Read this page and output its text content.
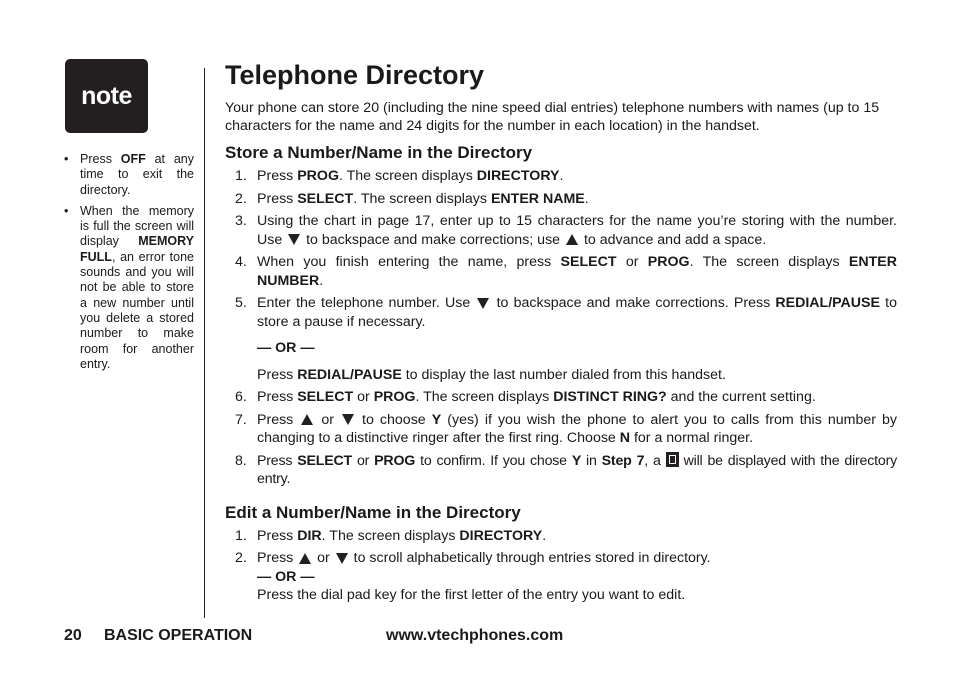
note
• Press OFF at any time to exit the directory.
• When the memory is full the screen will display MEMORY FULL, an error tone sounds and you will not be able to store a new number until you delete a stored number to make room for another entry.
Telephone Directory

Your phone can store 20 (including the nine speed dial entries) telephone numbers with names (up to 15 characters for the name and 24 digits for the number in each location) in the handset.

Store a Number/Name in the Directory
1. Press PROG. The screen displays DIRECTORY.
2. Press SELECT. The screen displays ENTER NAME.
3. Using the chart in page 17, enter up to 15 characters for the name you’re storing with the number. Use  to backspace and make corrections; use  to advance and add a space.
4. When you finish entering the name, press SELECT or PROG. The screen displays ENTER NUMBER.
5. Enter the telephone number. Use  to backspace and make corrections. Press REDIAL/PAUSE to store a pause if necessary.
— OR —
Press REDIAL/PAUSE to display the last number dialed from this handset.
6. Press SELECT or PROG. The screen displays DISTINCT RING? and the current setting.
7. Press  or  to choose Y (yes) if you wish the phone to alert you to calls from this number by changing to a distinctive ringer after the first ring. Choose N for a normal ringer.
8. Press SELECT or PROG to confirm. If you chose Y in Step 7, a  will be displayed with the directory entry.
Edit a Number/Name in the Directory
1. Press DIR. The screen displays DIRECTORY.
2. Press  or  to scroll alphabetically through entries stored in directory.
— OR —
Press the dial pad key for the first letter of the entry you want to edit.
20 BASIC OPERATION	www.vtechphones.com
